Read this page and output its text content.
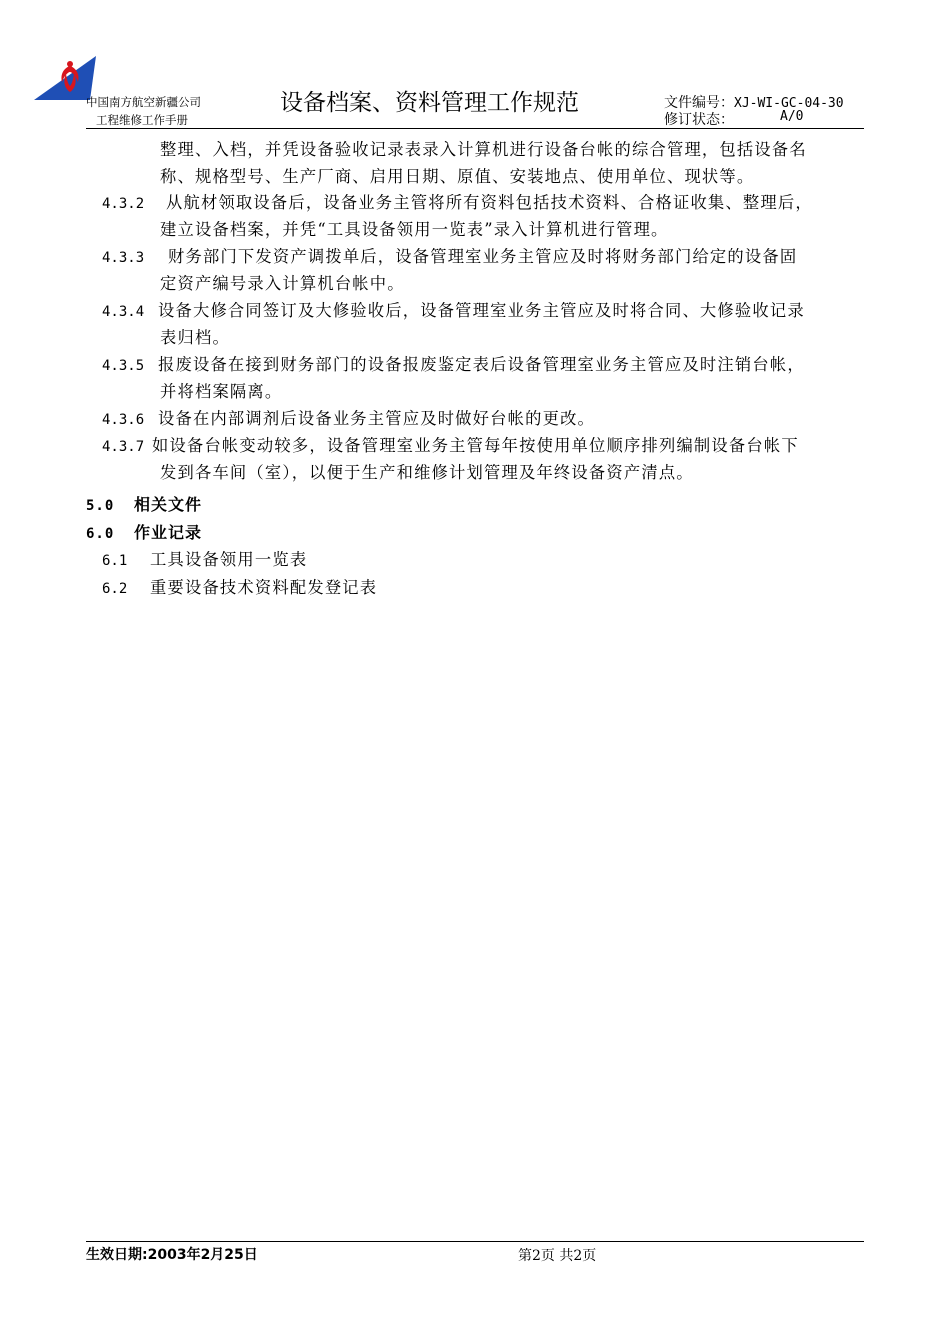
中国南方航空新疆公司
工程维修工作手册
设备档案、资料管理工作规范	文件编号：XJ-WI-GC-04-30
修订状态：	A/0
整理、入档，并凭设备验收记录表录入计算机进行设备台帐的综合管理，包括设备名
称、规格型号、生产厂商、启用日期、原值、安装地点、使用单位、现状等。
4.3.2 从航材领取设备后，设备业务主管将所有资料包括技术资料、合格证收集、整理后，
建立设备档案，并凭“工具设备领用一览表”录入计算机进行管理。
4.3.3 财务部门下发资产调拨单后，设备管理室业务主管应及时将财务部门给定的设备固
定资产编号录入计算机台帐中。
4.3.4 设备大修合同签订及大修验收后，设备管理室业务主管应及时将合同、大修验收记录
表归档。
4.3.5 报废设备在接到财务部门的设备报废鉴定表后设备管理室业务主管应及时注销台帐，
并将档案隔离。
4.3.6 设备在内部调剂后设备业务主管应及时做好台帐的更改。
4.3.7 如设备台帐变动较多，设备管理室业务主管每年按使用单位顺序排列编制设备台帐下
发到各车间（室），以便于生产和维修计划管理及年终设备资产清点。
5.0 相关文件
6.0 作业记录
6.1 工具设备领用一览表
6.2 重要设备技术资料配发登记表
生效日期:2003年2月25日	第2页 共2页
